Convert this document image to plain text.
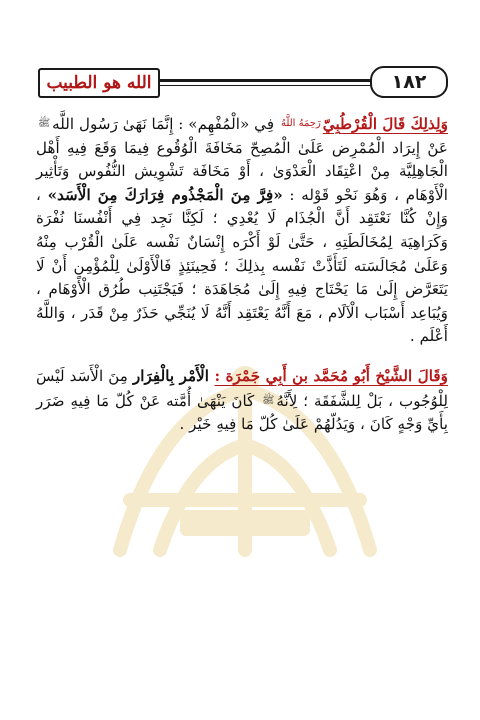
الله هو الطبيب	١٨٢

وَلِذلِكَ قَالَ الْقُرْطُبِيّرَحِمَهُ اللَّهُ فِي «الْمُفْهِم» : إِنَّمَا نَهَىٰ رَسُول اللَّهﷺ عَنْ إِيرَاد الْمُمْرِض عَلَىٰ الْمُصِحّ مَخَافَةَ الْوُقُوع فِيمَا وَقَعَ فِيهِ أَهْل الْجَاهِلِيَّة مِنْ اعْتِقَاد الْعَدْوَىٰ ، أَوْ مَخَافَة تَشْوِيش النُّفُوس وَتَأْثِير الْأَوْهَام ، وَهُوَ نَحْو قَوْله : «فِرَّ مِنَ الْمَجْذُوم فِرَارَكَ مِنَ الْأَسَد» ، وَإِنْ كُنَّا نَعْتَقِد أَنَّ الْجُذَام لَا يُعْدِي ؛ لَكِنَّا نَجِد فِي أَنْفُسنَا نُفْرَة وَكَرَاهِيَة لِمُخَالَطَتِهِ ، حَتَّىٰ لَوْ أَكْرَه إِنْسَانٌ نَفْسه عَلَىٰ الْقُرْب مِنْهُ وَعَلَىٰ مُجَالَسَته لَتَأَذَّتْ نَفْسه بِذلِكَ ؛ فَحِينَئِذٍ فَالْأَوْلَىٰ لِلْمُؤْمِنِ أَنْ لَا يَتَعَرَّض إِلَىٰ مَا يَحْتَاج فِيهِ إِلَىٰ مُجَاهَدَة ؛ فَيَجْتَنِب طُرُق الْأَوْهَام ، وَيُبَاعِد أَسْبَاب الْآلَام ، مَعَ أَنَّهُ يَعْتَقِد أَنَّهُ لَا يُنَجِّي حَذَرٌ مِنْ قَدَر ، وَاللَّهُ أَعْلَم .

وَقَالَ الشَّيْخ أَبُو مُحَمَّد بن أَبِي جَمْرَة : الْأَمْر بِالْفِرَار مِنَ الْأَسَد لَيْسَ لِلْوُجُوب ، بَلْ لِلشَّفَقَة ؛ لِأَنَّهُﷺ كَانَ يَنْهَىٰ أُمَّته عَنْ كُلّ مَا فِيهِ ضَرَر بِأَيِّ وَجْهٍ كَانَ ، وَيَدُلّهُمْ عَلَىٰ كُلّ مَا فِيهِ خَيْر .
